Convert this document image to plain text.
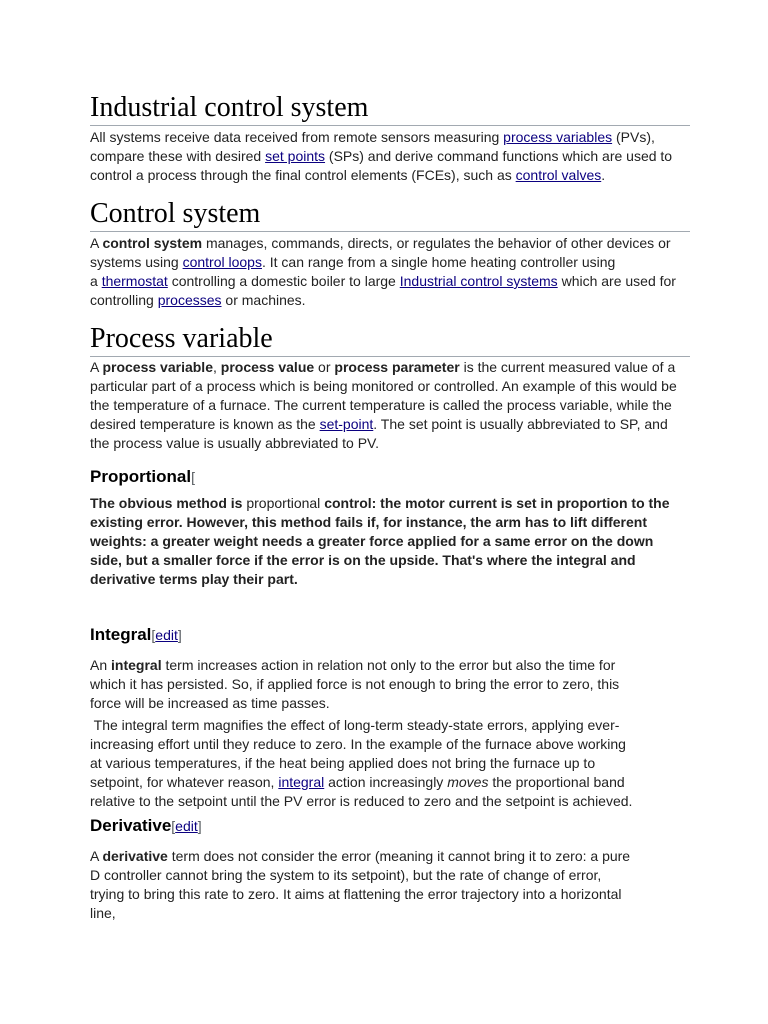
Industrial control system

All systems receive data received from remote sensors measuring process variables (PVs),

compare these with desired set points (SPs) and derive command functions which are used to

control a process through the final control elements (FCEs), such as control valves.

Control system

A control system manages, commands, directs, or regulates the behavior of other devices or

systems using control loops. It can range from a single home heating controller using

a thermostat controlling a domestic boiler to large Industrial control systems which are used for

controlling processes or machines.

Process variable

A process variable, process value or process parameter is the current measured value of a

particular part of a process which is being monitored or controlled. An example of this would be

the temperature of a furnace. The current temperature is called the process variable, while the

desired temperature is known as the set-point. The set point is usually abbreviated to SP, and

the process value is usually abbreviated to PV.

Proportional[

The obvious method is proportional control: the motor current is set in proportion to the

existing error. However, this method fails if, for instance, the arm has to lift different

weights: a greater weight needs a greater force applied for a same error on the down

side, but a smaller force if the error is on the upside. That's where the integral and

derivative terms play their part.

Integral[edit]

An integral term increases action in relation not only to the error but also the time for

which it has persisted. So, if applied force is not enough to bring the error to zero, this

force will be increased as time passes.

The integral term magnifies the effect of long-term steady-state errors, applying ever-

increasing effort until they reduce to zero. In the example of the furnace above working

at various temperatures, if the heat being applied does not bring the furnace up to

setpoint, for whatever reason, integral action increasingly moves the proportional band

relative to the setpoint until the PV error is reduced to zero and the setpoint is achieved.

Derivative[edit]

A derivative term does not consider the error (meaning it cannot bring it to zero: a pure

D controller cannot bring the system to its setpoint), but the rate of change of error,

trying to bring this rate to zero. It aims at flattening the error trajectory into a horizontal

line,
